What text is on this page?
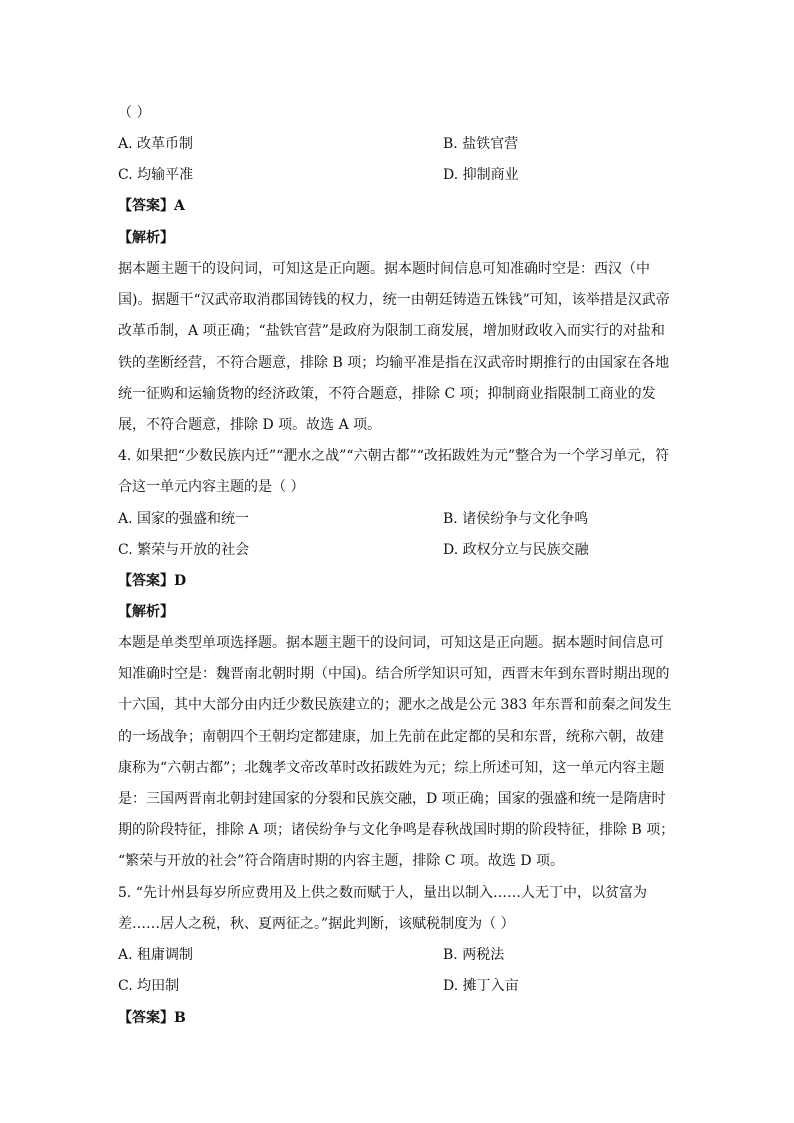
（ ）
A. 改革币制	B. 盐铁官营
C. 均输平准	D. 抑制商业
【答案】A
【解析】
据本题主题干的设问词，可知这是正向题。据本题时间信息可知准确时空是：西汉（中
国)。据题干“汉武帝取消郡国铸钱的权力，统一由朝廷铸造五铢钱”可知，该举措是汉武帝
改革币制，A 项正确；“盐铁官营”是政府为限制工商发展，增加财政收入而实行的对盐和
铁的垄断经营，不符合题意，排除 B 项；均输平准是指在汉武帝时期推行的由国家在各地
统一征购和运输货物的经济政策，不符合题意，排除 C 项；抑制商业指限制工商业的发
展，不符合题意，排除 D 项。故选 A 项。
4. 如果把“少数民族内迁”“淝水之战”“六朝古都”“改拓跋姓为元”整合为一个学习单元，符
合这一单元内容主题的是（ ）
A. 国家的强盛和统一	B. 诸侯纷争与文化争鸣
C. 繁荣与开放的社会	D. 政权分立与民族交融
【答案】D
【解析】
本题是单类型单项选择题。据本题主题干的设问词，可知这是正向题。据本题时间信息可
知准确时空是：魏晋南北朝时期（中国)。结合所学知识可知，西晋末年到东晋时期出现的
十六国，其中大部分由内迁少数民族建立的；淝水之战是公元 383 年东晋和前秦之间发生
的一场战争；南朝四个王朝均定都建康，加上先前在此定都的吴和东晋，统称六朝，故建
康称为“六朝古都”；北魏孝文帝改革时改拓跋姓为元；综上所述可知，这一单元内容主题
是：三国两晋南北朝封建国家的分裂和民族交融，D 项正确；国家的强盛和统一是隋唐时
期的阶段特征，排除 A 项；诸侯纷争与文化争鸣是春秋战国时期的阶段特征，排除 B 项；
“繁荣与开放的社会”符合隋唐时期的内容主题，排除 C 项。故选 D 项。
5. “先计州县每岁所应费用及上供之数而赋于人，量出以制入……人无丁中，以贫富为
差……居人之税，秋、夏两征之。”据此判断，该赋税制度为（ ）
A. 租庸调制	B. 两税法
C. 均田制	D. 摊丁入亩
【答案】B
